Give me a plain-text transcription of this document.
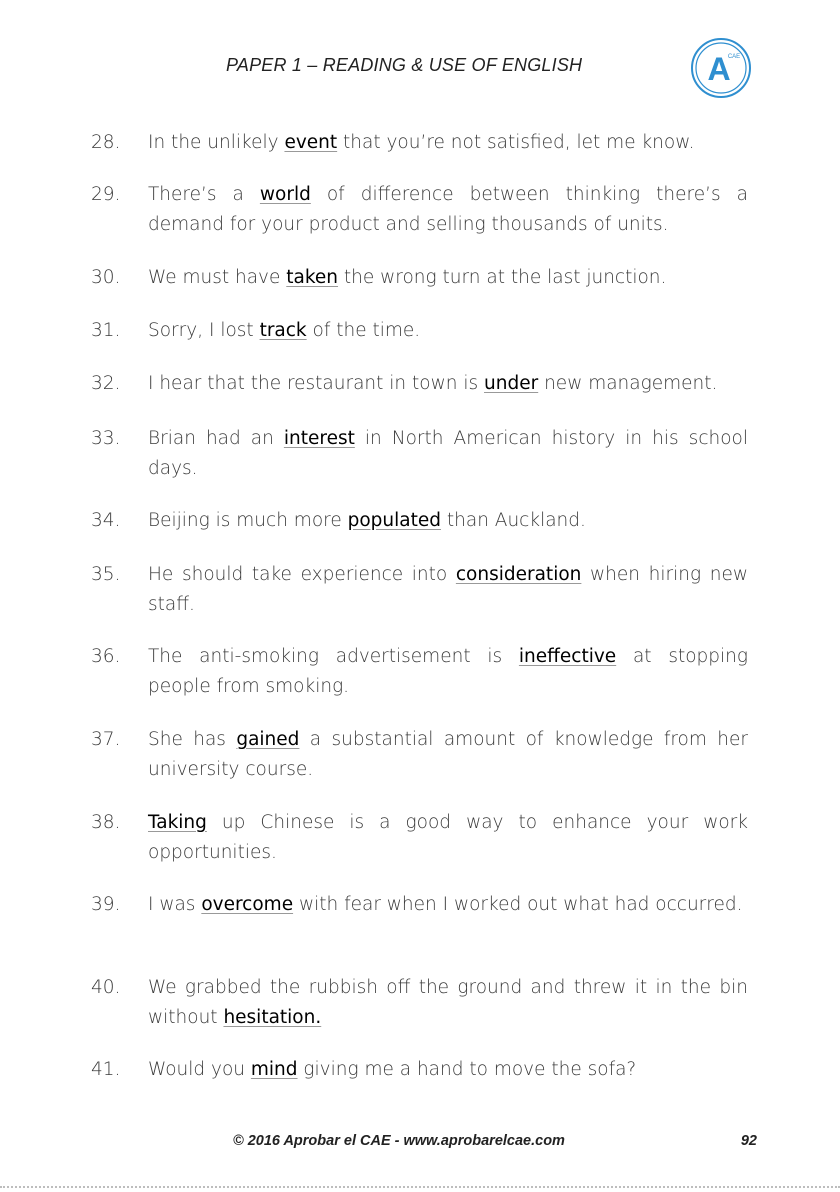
PAPER 1 – READING & USE OF ENGLISH	A
CAE
28.	In the unlikely event that you’re not satisfied, let me know.
29.	There’s a world of difference between thinking there’s a demand for your product and selling thousands of units.
30.	We must have taken the wrong turn at the last junction.
31.	Sorry, I lost track of the time.
32.	I hear that the restaurant in town is under new management.
33.	Brian had an interest in North American history in his school days.
34.	Beijing is much more populated than Auckland.
35.	He should take experience into consideration when hiring new staff.
36.	The anti-smoking advertisement is ineffective at stopping people from smoking.
37.	She has gained a substantial amount of knowledge from her university course.
38.	Taking up Chinese is a good way to enhance your work opportunities.
39.	I was overcome with fear when I worked out what had occurred.
40.	We grabbed the rubbish off the ground and threw it in the bin without hesitation.
41.	Would you mind giving me a hand to move the sofa?
© 2016 Aprobar el CAE - www.aprobarelcae.com	92
